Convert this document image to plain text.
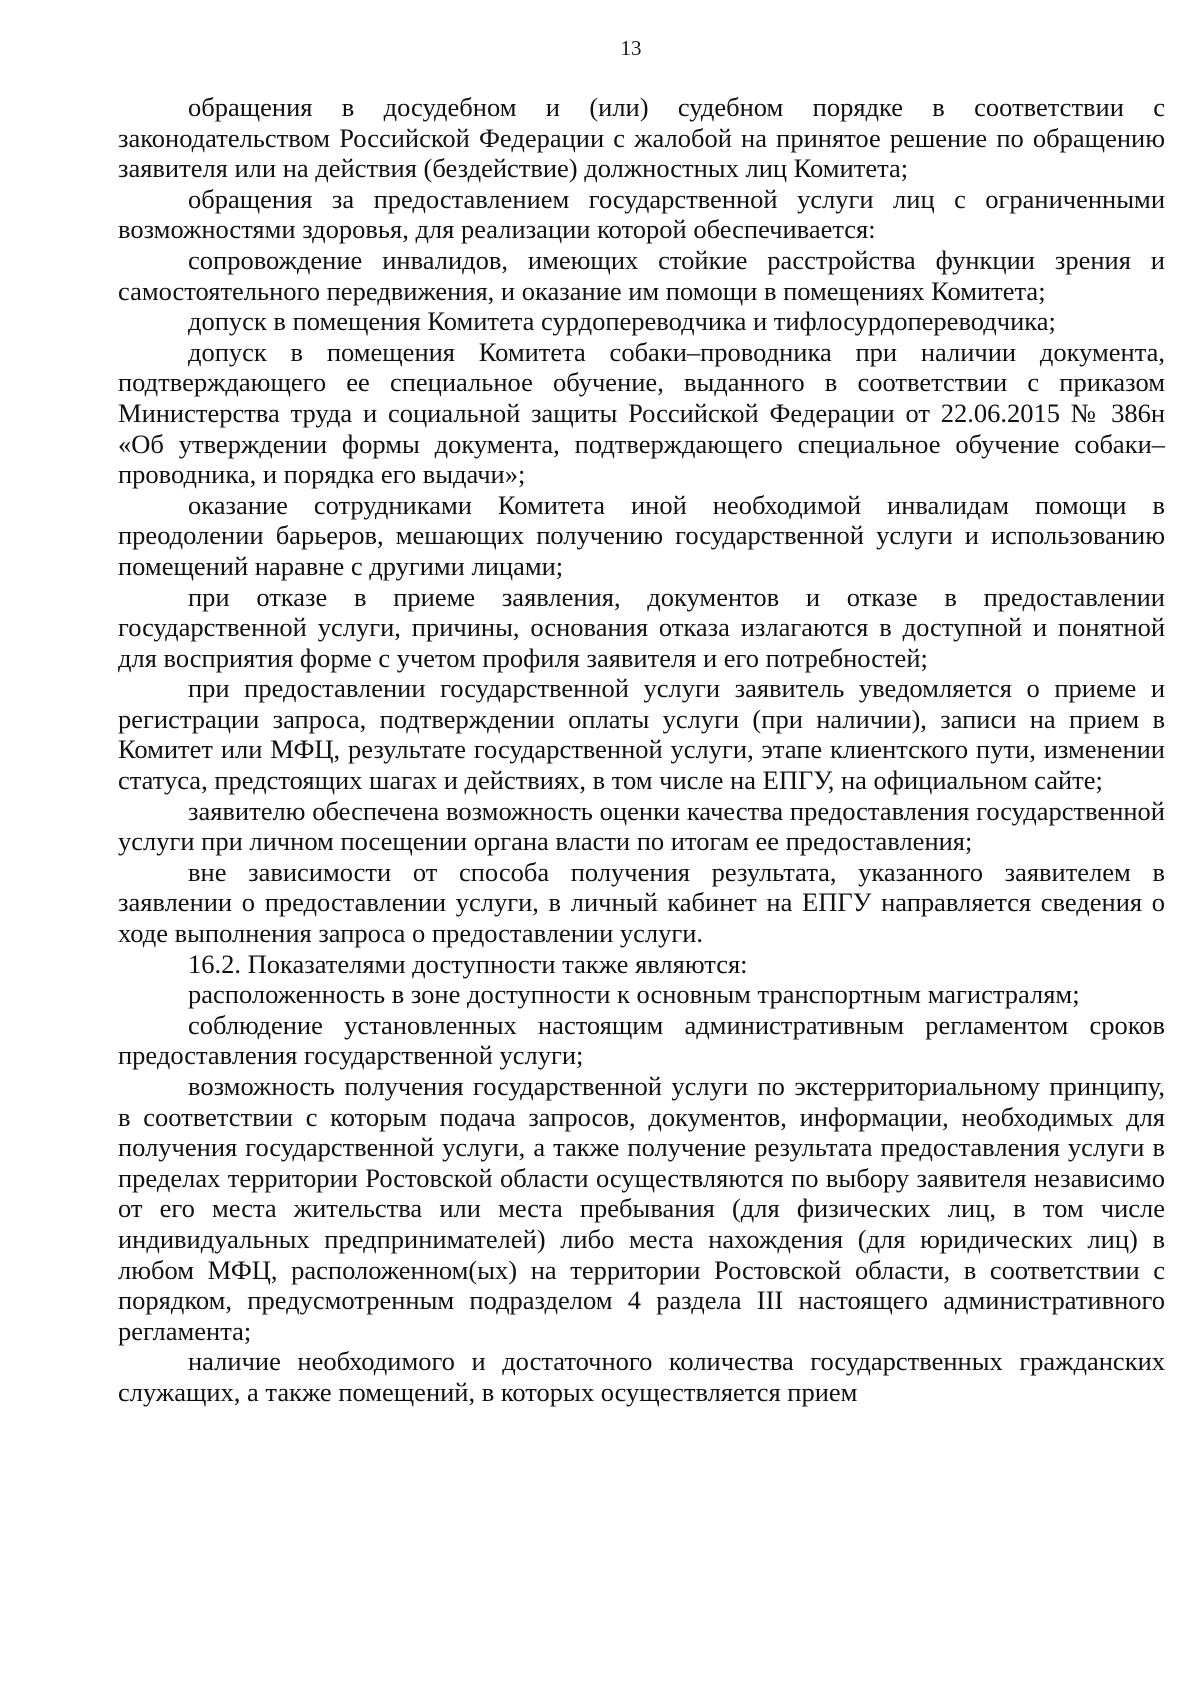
13

обращения в досудебном и (или) судебном порядке в соответствии с законодательством Российской Федерации с жалобой на принятое решение по обращению заявителя или на действия (бездействие) должностных лиц Комитета;

обращения за предоставлением государственной услуги лиц с ограниченными возможностями здоровья, для реализации которой обеспечивается:

сопровождение инвалидов, имеющих стойкие расстройства функции зрения и самостоятельного передвижения, и оказание им помощи в помещениях Комитета;

допуск в помещения Комитета сурдопереводчика и тифлосурдопереводчика;

допуск в помещения Комитета собаки–проводника при наличии документа, подтверждающего ее специальное обучение, выданного в соответствии с приказом Министерства труда и социальной защиты Российской Федерации от 22.06.2015 № 386н «Об утверждении формы документа, подтверждающего специальное обучение собаки–проводника, и порядка его выдачи»;

оказание сотрудниками Комитета иной необходимой инвалидам помощи в преодолении барьеров, мешающих получению государственной услуги и использованию помещений наравне с другими лицами;

при отказе в приеме заявления, документов и отказе в предоставлении государственной услуги, причины, основания отказа излагаются в доступной и понятной для восприятия форме с учетом профиля заявителя и его потребностей;

при предоставлении государственной услуги заявитель уведомляется о приеме и регистрации запроса, подтверждении оплаты услуги (при наличии), записи на прием в Комитет или МФЦ, результате государственной услуги, этапе клиентского пути, изменении статуса, предстоящих шагах и действиях, в том числе на ЕПГУ, на официальном сайте;

заявителю обеспечена возможность оценки качества предоставления государственной услуги при личном посещении органа власти по итогам ее предоставления;

вне зависимости от способа получения результата, указанного заявителем в заявлении о предоставлении услуги, в личный кабинет на ЕПГУ направляется сведения о ходе выполнения запроса о предоставлении услуги.

16.2. Показателями доступности также являются:

расположенность в зоне доступности к основным транспортным магистралям;

соблюдение установленных настоящим административным регламентом сроков предоставления государственной услуги;

возможность получения государственной услуги по экстерриториальному принципу, в соответствии с которым подача запросов, документов, информации, необходимых для получения государственной услуги, а также получение результата предоставления услуги в пределах территории Ростовской области осуществляются по выбору заявителя независимо от его места жительства или места пребывания (для физических лиц, в том числе индивидуальных предпринимателей) либо места нахождения (для юридических лиц) в любом МФЦ, расположенном(ых) на территории Ростовской области, в соответствии с порядком, предусмотренным подразделом 4 раздела III настоящего административного регламента;

наличие необходимого и достаточного количества государственных гражданских служащих, а также помещений, в которых осуществляется прием
